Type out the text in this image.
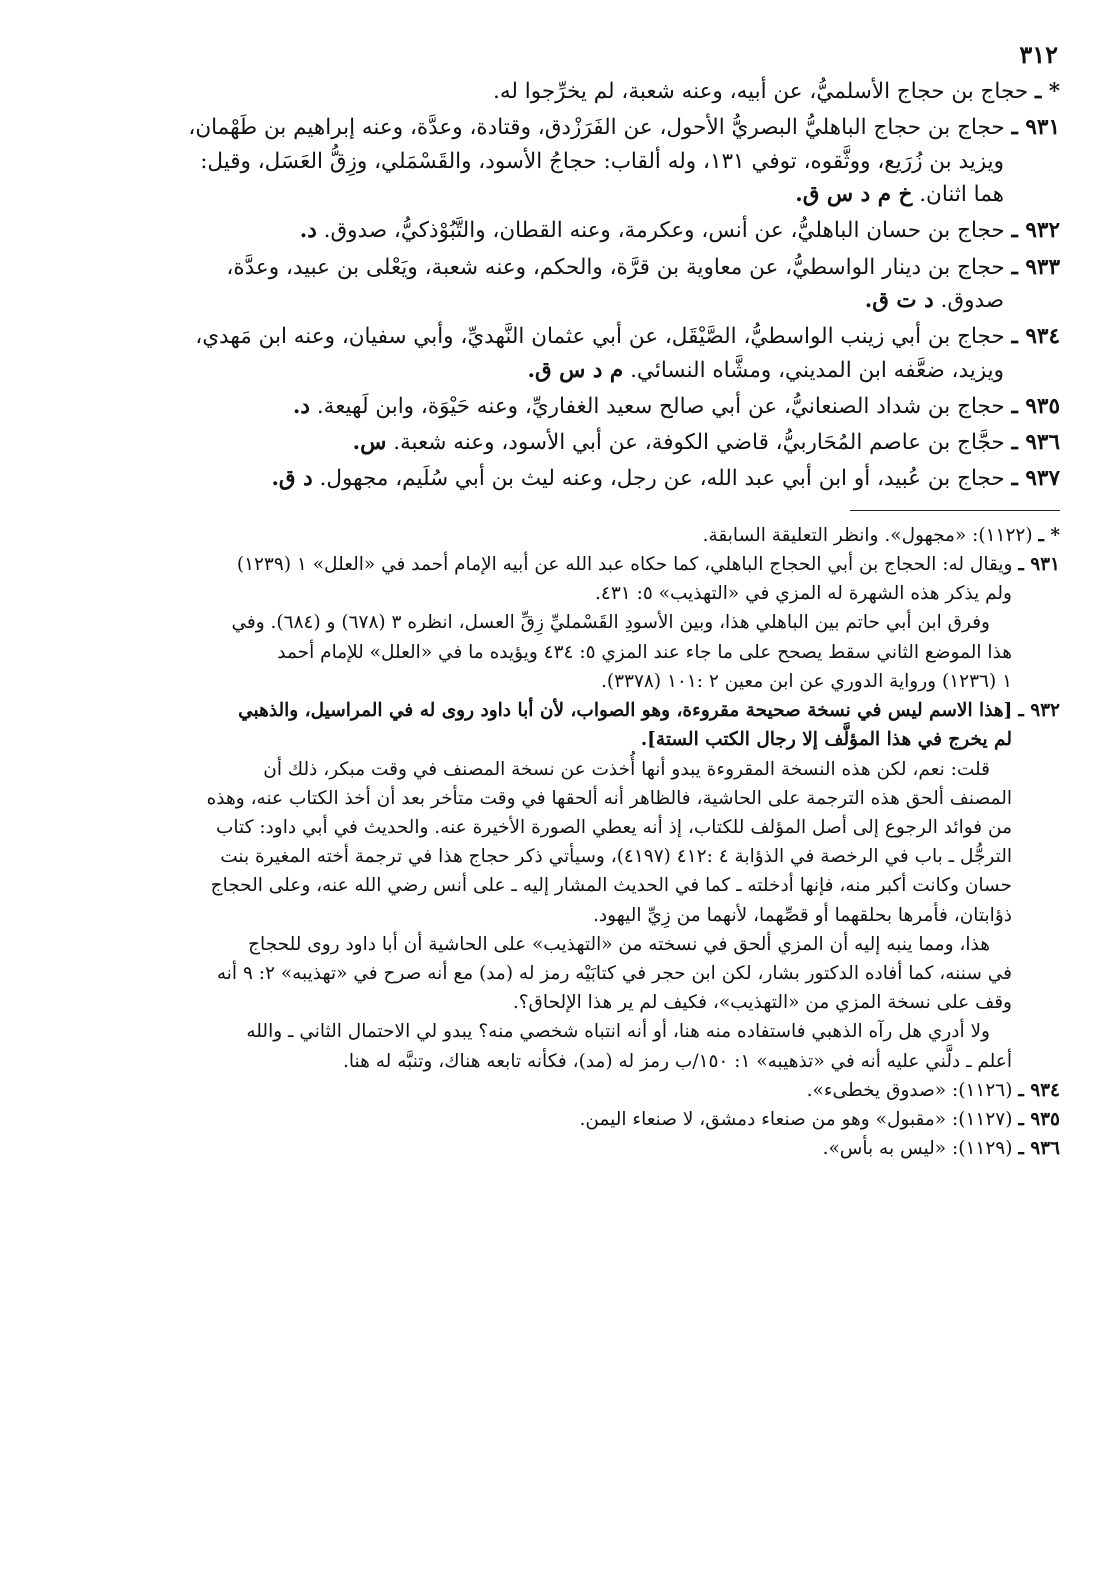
٣١٢
* ـ حجاج بن حجاج الأسلميُّ، عن أبيه، وعنه شعبة، لم يخرِّجوا له.
٩٣١ ـ حجاج بن حجاج الباهليُّ البصريُّ الأحول، عن الفَرَزْدق، وقتادة، وعدَّة، وعنه إبراهيم بن طَهْمان،
ويزيد بن زُرَيع، ووثَّقوه، توفي ١٣١، وله ألقاب: حجاجُ الأسود، والقَسْمَلي، وزِقُّ العَسَل، وقيل:
هما اثنان. خ م د س ق.
٩٣٢ ـ حجاج بن حسان الباهليُّ، عن أنس، وعكرمة، وعنه القطان، والتَّبُوْذكيُّ، صدوق. د.
٩٣٣ ـ حجاج بن دينار الواسطيُّ، عن معاوية بن قرَّة، والحكم، وعنه شعبة، ويَعْلى بن عبيد، وعدَّة،
صدوق. د ت ق.
٩٣٤ ـ حجاج بن أبي زينب الواسطيُّ، الصَّيْقَل، عن أبي عثمان النَّهديِّ، وأبي سفيان، وعنه ابن مَهدي،
ويزيد، ضعَّفه ابن المديني، ومشَّاه النسائي. م د س ق.
٩٣٥ ـ حجاج بن شداد الصنعانيُّ، عن أبي صالح سعيد الغفاريِّ، وعنه حَيْوَة، وابن لَهيعة. د.
٩٣٦ ـ حجَّاج بن عاصم المُحَاربيُّ، قاضي الكوفة، عن أبي الأسود، وعنه شعبة. س.
٩٣٧ ـ حجاج بن عُبيد، أو ابن أبي عبد الله، عن رجل، وعنه ليث بن أبي سُلَيم، مجهول. د ق.
* ـ (١١٢٢): «مجهول». وانظر التعليقة السابقة.
٩٣١ ـ ويقال له: الحجاج بن أبي الحجاج الباهلي، كما حكاه عبد الله عن أبيه الإمام أحمد في «العلل» ١ (١٢٣٩)
ولم يذكر هذه الشهرة له المزي في «التهذيب» ٥: ٤٣١.
وفرق ابن أبي حاتم بين الباهلي هذا، وبين الأسودِ القَسْمليِّ زِقِّ العسل، انظره ٣ (٦٧٨) و (٦٨٤). وفي
هذا الموضع الثاني سقط يصحح على ما جاء عند المزي ٥: ٤٣٤ ويؤيده ما في «العلل» للإمام أحمد
١ (١٢٣٦) ورواية الدوري عن ابن معين ٢ :١٠١ (٣٣٧٨).
٩٣٢ ـ [هذا الاسم ليس في نسخة صحيحة مقروءة، وهو الصواب، لأن أبا داود روى له في المراسيل، والذهبي
لم يخرج في هذا المؤلَّف إلا رجال الكتب الستة].
قلت: نعم، لكن هذه النسخة المقروءة يبدو أنها أُخذت عن نسخة المصنف في وقت مبكر، ذلك أن
المصنف ألحق هذه الترجمة على الحاشية، فالظاهر أنه ألحقها في وقت متأخر بعد أن أخذ الكتاب عنه، وهذه
من فوائد الرجوع إلى أصل المؤلف للكتاب، إذ أنه يعطي الصورة الأخيرة عنه. والحديث في أبي داود: كتاب
الترجُّل ـ باب في الرخصة في الذؤابة ٤ :٤١٢ (٤١٩٧)، وسيأتي ذكر حجاج هذا في ترجمة أخته المغيرة بنت
حسان وكانت أكبر منه، فإنها أدخلته ـ كما في الحديث المشار إليه ـ على أنس رضي الله عنه، وعلى الحجاج
ذؤابتان، فأمرها بحلقهما أو قصِّهما، لأنهما من زِيِّ اليهود.
هذا، ومما ينبه إليه أن المزي ألحق في نسخته من «التهذيب» على الحاشية أن أبا داود روى للحجاج
في سننه، كما أفاده الدكتور بشار، لكن ابن حجر في كتابَيْه رمز له (مد) مع أنه صرح في «تهذيبه» ٢: ٩ أنه
وقف على نسخة المزي من «التهذيب»، فكيف لم ير هذا الإلحاق؟.
ولا أدري هل رآه الذهبي فاستفاده منه هنا، أو أنه انتباه شخصي منه؟ يبدو لي الاحتمال الثاني ـ والله
أعلم ـ دلَّني عليه أنه في «تذهيبه» ١: ١٥٠/ب رمز له (مد)، فكأنه تابعه هناك، وتنبَّه له هنا.
٩٣٤ ـ (١١٢٦): «صدوق يخطىء».
٩٣٥ ـ (١١٢٧): «مقبول» وهو من صنعاء دمشق، لا صنعاء اليمن.
٩٣٦ ـ (١١٢٩): «ليس به بأس».
